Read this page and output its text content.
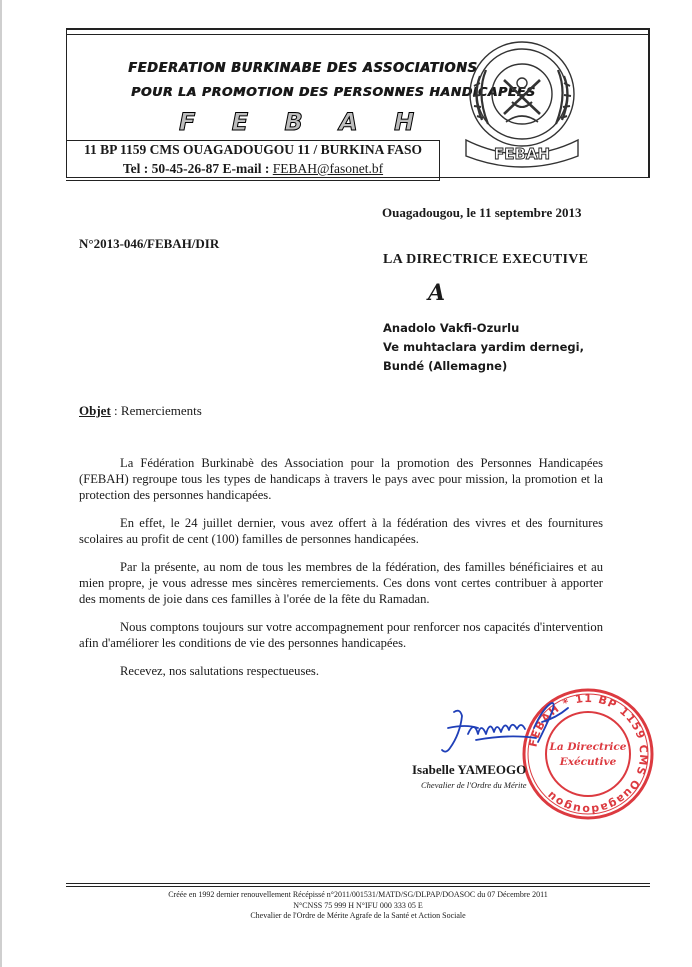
FEDERATION BURKINABE DES ASSOCIATIONS
POUR LA PROMOTION DES PERSONNES HANDICAPEES
F E B A H
11 BP 1159 CMS OUAGADOUGOU 11 / BURKINA FASO
Tel : 50-45-26-87 E-mail : FEBAH@fasonet.bf
FEBAH
Ouagadougou, le 11 septembre 2013
N°2013-046/FEBAH/DIR
LA DIRECTRICE EXECUTIVE
A
Anadolo Vakfi-Ozurlu
Ve muhtaclara yardim dernegi,
Bundé (Allemagne)
Objet : Remerciements

La Fédération Burkinabè des Association pour la promotion des Personnes Handicapées (FEBAH) regroupe tous les types de handicaps à travers le pays avec pour mission, la promotion et la protection des personnes handicapées.

En effet, le 24 juillet dernier, vous avez offert à la fédération des vivres et des fournitures scolaires au profit de cent (100) familles de personnes handicapées.

Par la présente, au nom de tous les membres de la fédération, des familles bénéficiaires et au mien propre, je vous adresse mes sincères remerciements. Ces dons vont certes contribuer à apporter des moments de joie dans ces familles à l'orée de la fête du Ramadan.

Nous comptons toujours sur votre accompagnement pour renforcer nos capacités d'intervention afin d'améliorer les conditions de vie des personnes handicapées.

Recevez, nos salutations respectueuses.

FEBAH * 11 BP 1159 CMS Ouagadougou
La Directrice
Exécutive
Isabelle YAMEOGO
Chevalier de l'Ordre du Mérite
Créée en 1992 dernier renouvellement Récépissé n°2011/001531/MATD/SG/DLPAP/DOASOC du 07 Décembre 2011
N°CNSS 75 999 H N°IFU 000 333 05 E
Chevalier de l'Ordre de Mérite Agrafe de la Santé et Action Sociale
